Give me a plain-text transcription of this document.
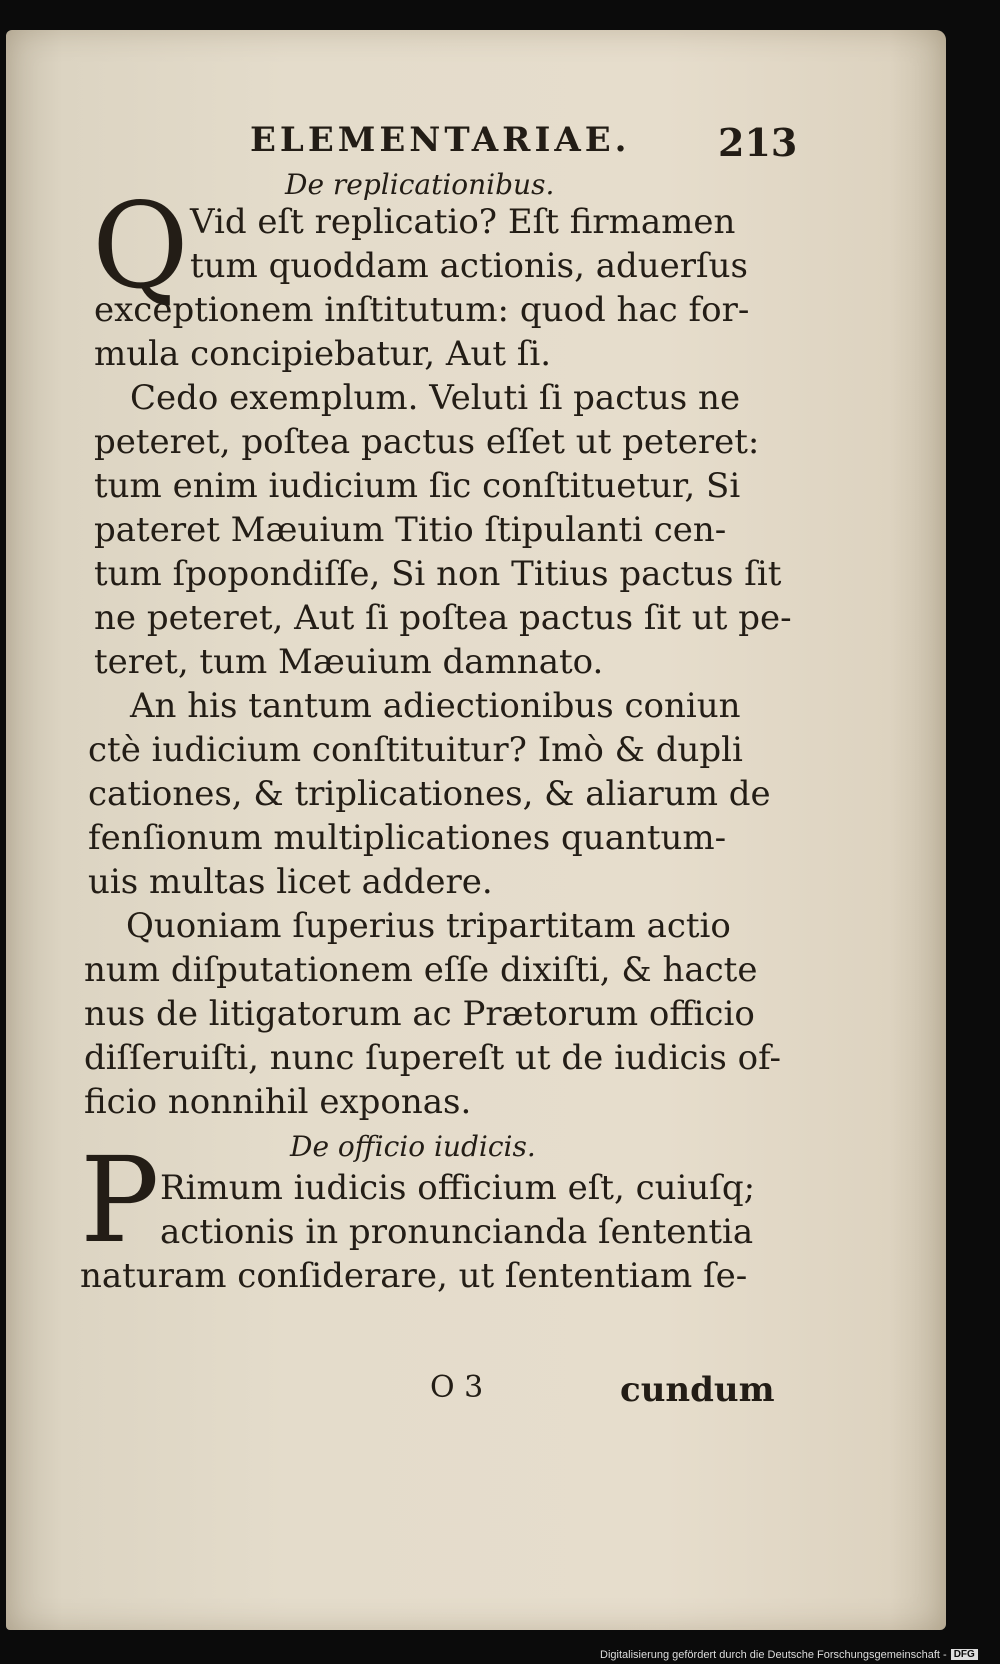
ELEMENTARIAE. 213
De replicationibus.
Q Vid eſt replicatio? Eſt firmamen
tum quoddam actionis, aduerſus
exceptionem inſtitutum: quod hac for-
mula concipiebatur, Aut ſi.
Cedo exemplum. Veluti ſi pactus ne
peteret, poſtea pactus eſſet ut peteret:
tum enim iudicium ſic conſtituetur, Si
pateret Mæuium Titio ſtipulanti cen-
tum ſpopondiſſe, Si non Titius pactus ſit
ne peteret, Aut ſi poſtea pactus ſit ut pe-
teret, tum Mæuium damnato.
An his tantum adiectionibus coniun
ctè iudicium conſtituitur? Imò & dupli
cationes, & triplicationes, & aliarum de
fenſionum multiplicationes quantum-
uis multas licet addere.
Quoniam ſuperius tripartitam actio
num diſputationem eſſe dixiſti, & hacte
nus de litigatorum ac Prætorum officio
diſſeruiſti, nunc ſupereſt ut de iudicis of-
ficio nonnihil exponas.
De officio iudicis.
P Rimum iudicis officium eſt, cuiuſq;
actionis in pronuncianda ſententia
naturam conſiderare, ut ſententiam ſe-
O 3	cundum
Digitalisierung gefördert durch die Deutsche Forschungsgemeinschaft - DFG
